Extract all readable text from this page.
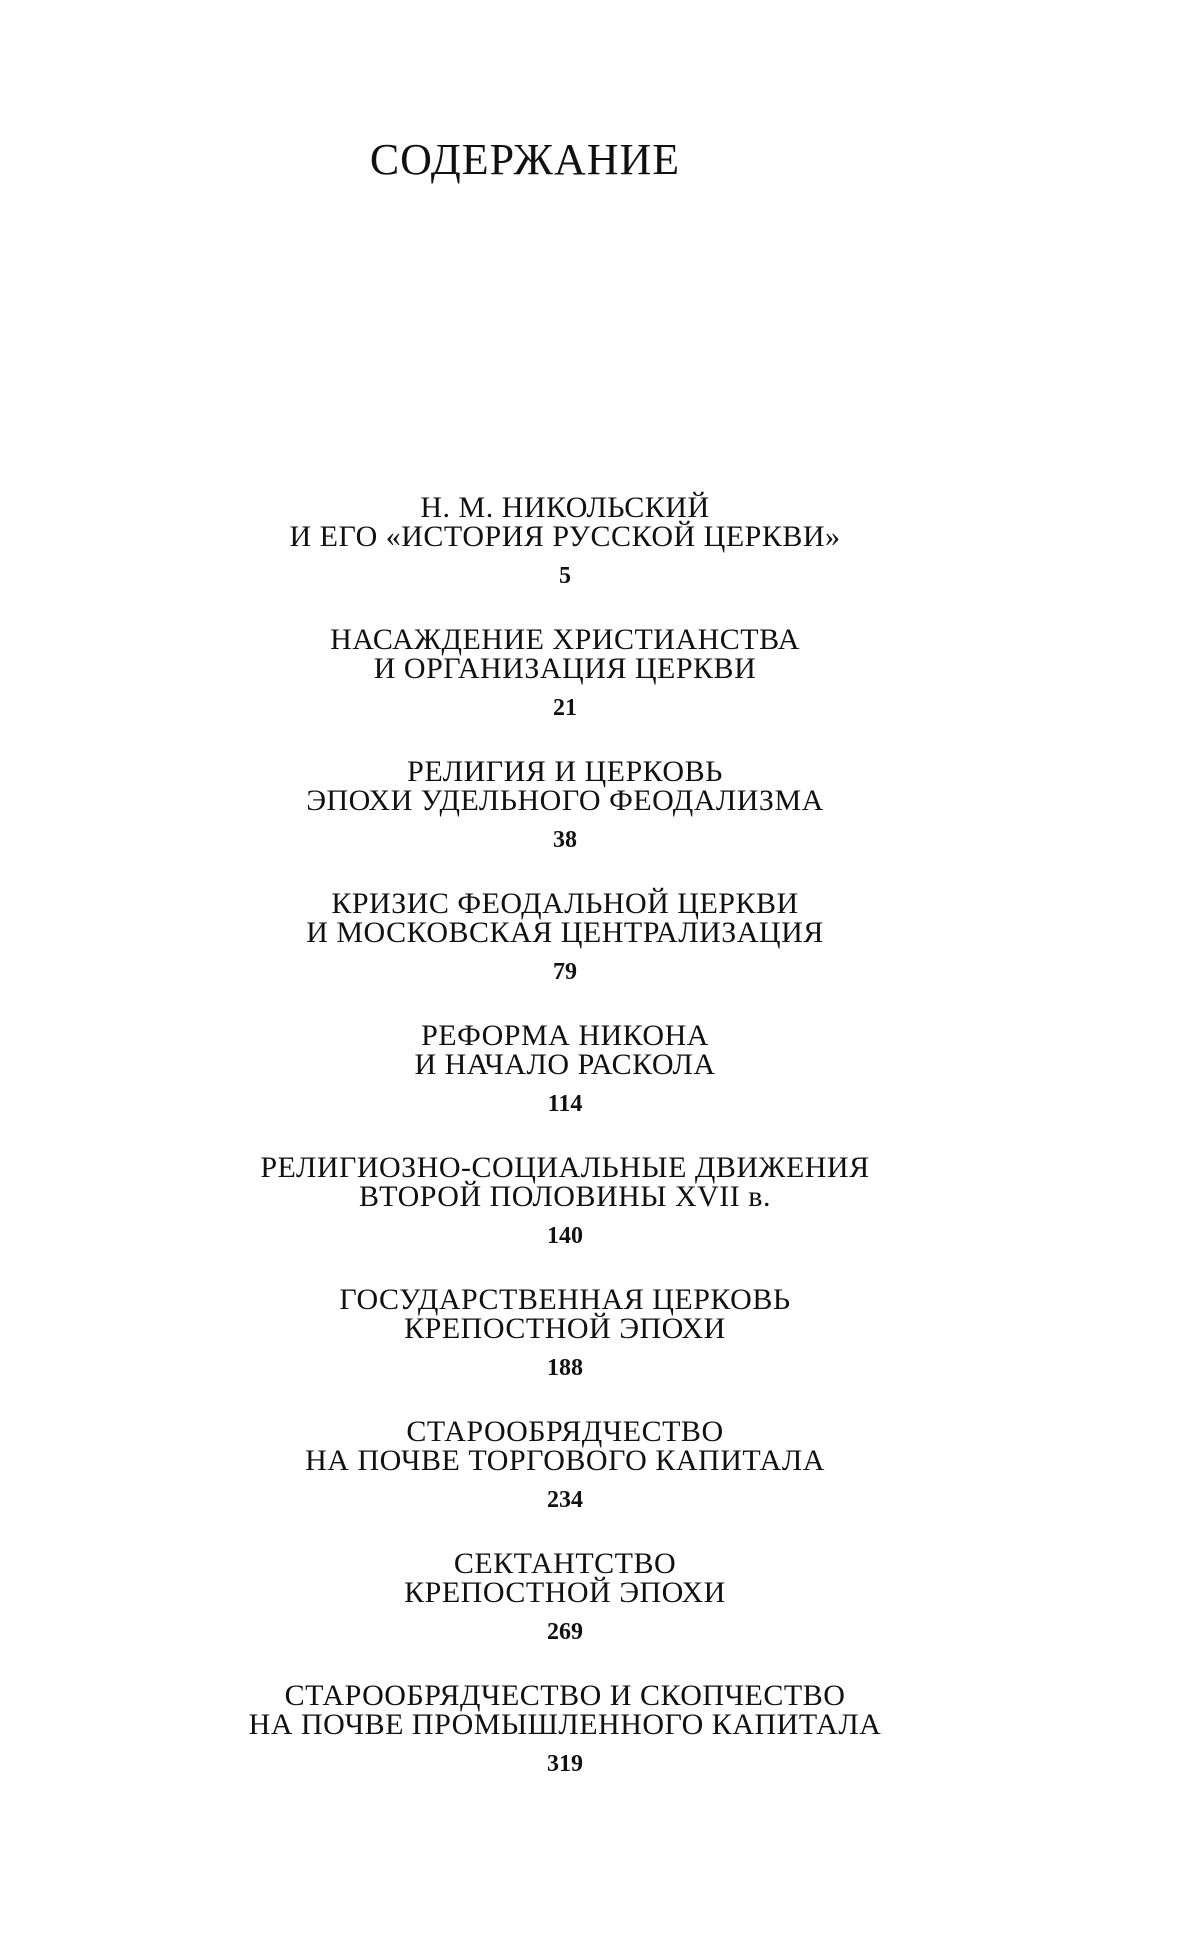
СОДЕРЖАНИЕ
Н. М. НИКОЛЬСКИЙ
И ЕГО «ИСТОРИЯ РУССКОЙ ЦЕРКВИ»
5
НАСАЖДЕНИЕ ХРИСТИАНСТВА
И ОРГАНИЗАЦИЯ ЦЕРКВИ
21
РЕЛИГИЯ И ЦЕРКОВЬ
ЭПОХИ УДЕЛЬНОГО ФЕОДАЛИЗМА
38
КРИЗИС ФЕОДАЛЬНОЙ ЦЕРКВИ
И МОСКОВСКАЯ ЦЕНТРАЛИЗАЦИЯ
79
РЕФОРМА НИКОНА
И НАЧАЛО РАСКОЛА
114
РЕЛИГИОЗНО-СОЦИАЛЬНЫЕ ДВИЖЕНИЯ
ВТОРОЙ ПОЛОВИНЫ XVII в.
140
ГОСУДАРСТВЕННАЯ ЦЕРКОВЬ
КРЕПОСТНОЙ ЭПОХИ
188
СТАРООБРЯДЧЕСТВО
НА ПОЧВЕ ТОРГОВОГО КАПИТАЛА
234
СЕКТАНТСТВО
КРЕПОСТНОЙ ЭПОХИ
269
СТАРООБРЯДЧЕСТВО И СКОПЧЕСТВО
НА ПОЧВЕ ПРОМЫШЛЕННОГО КАПИТАЛА
319
